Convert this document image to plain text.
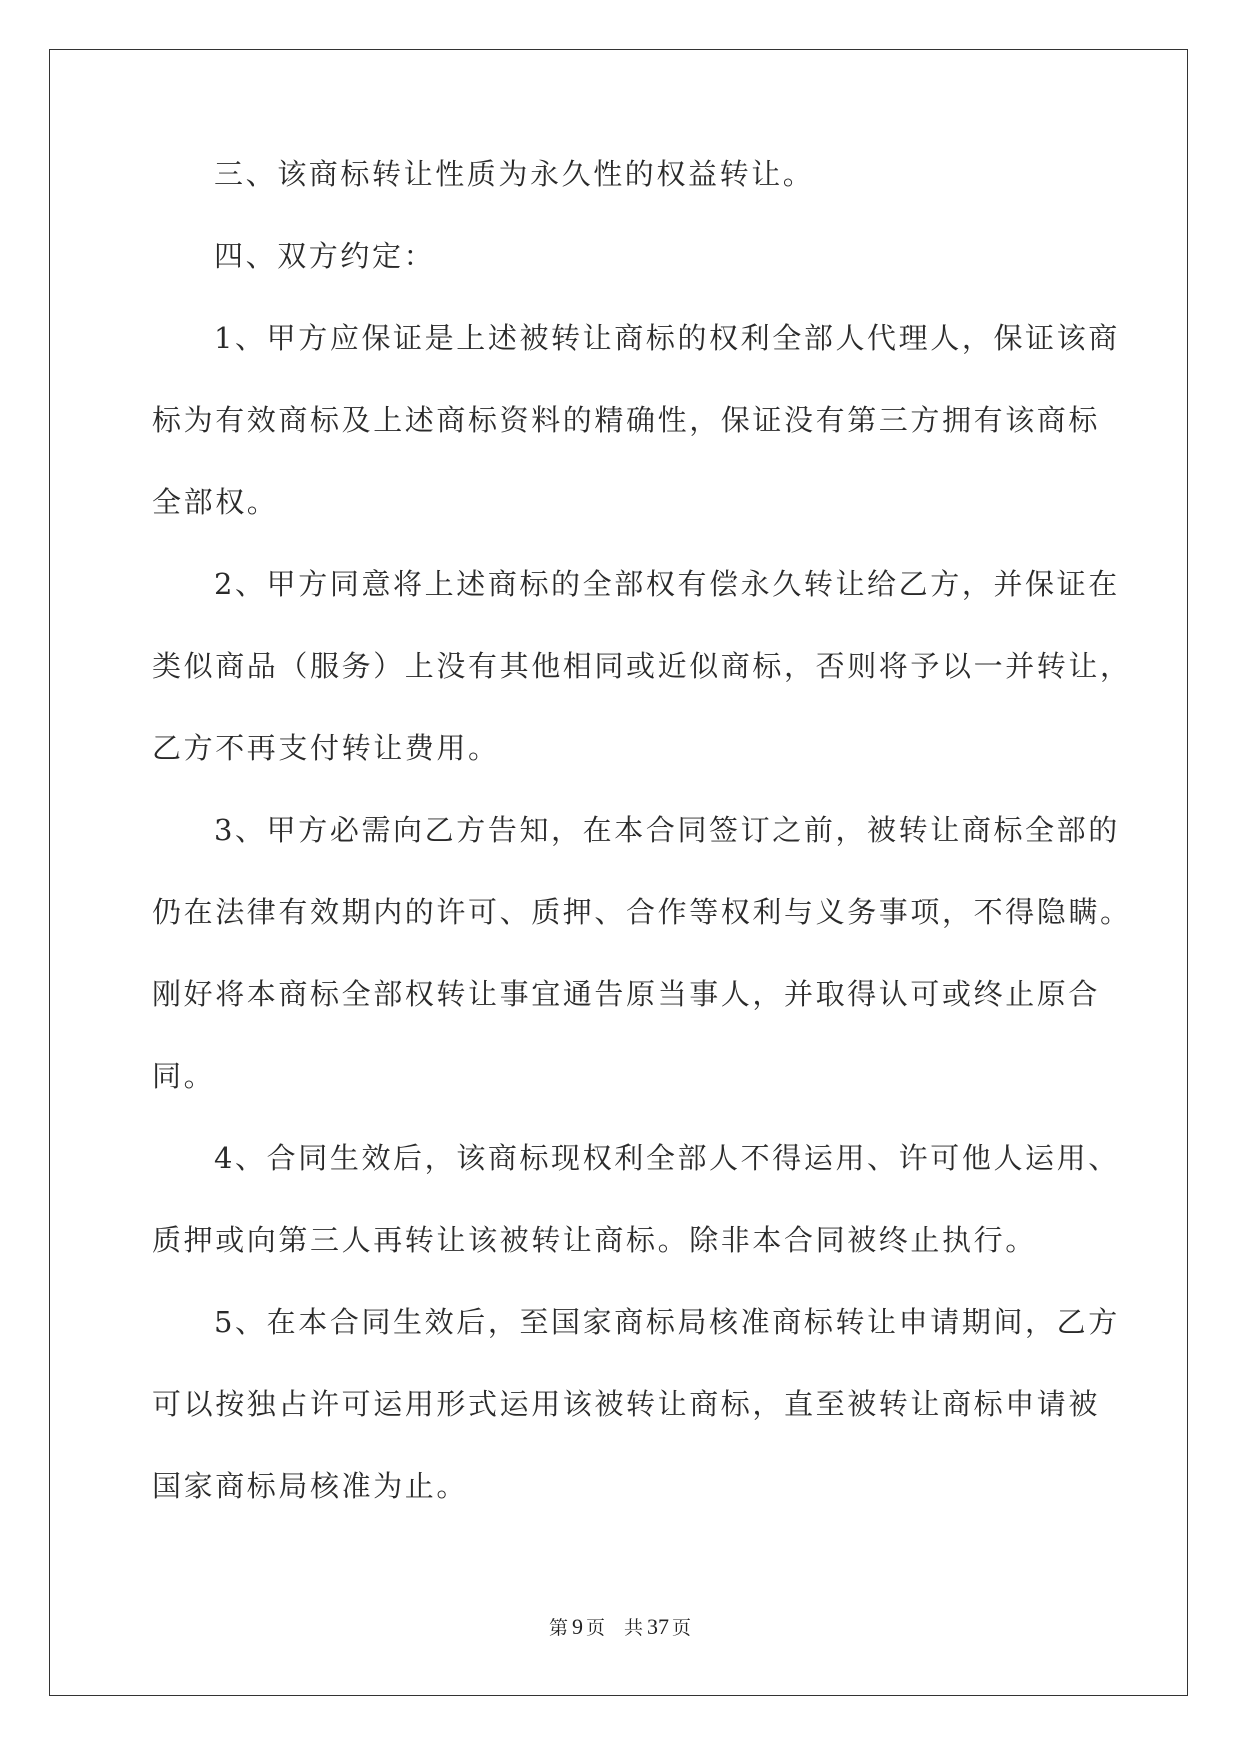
三、该商标转让性质为永久性的权益转让。

四、双方约定：

1、甲方应保证是上述被转让商标的权利全部人代理人，保证该商

标为有效商标及上述商标资料的精确性，保证没有第三方拥有该商标

全部权。

2、甲方同意将上述商标的全部权有偿永久转让给乙方，并保证在

类似商品（服务）上没有其他相同或近似商标，否则将予以一并转让，

乙方不再支付转让费用。

3、甲方必需向乙方告知，在本合同签订之前，被转让商标全部的

仍在法律有效期内的许可、质押、合作等权利与义务事项，不得隐瞒。

刚好将本商标全部权转让事宜通告原当事人，并取得认可或终止原合

同。

4、合同生效后，该商标现权利全部人不得运用、许可他人运用、

质押或向第三人再转让该被转让商标。除非本合同被终止执行。

5、在本合同生效后，至国家商标局核准商标转让申请期间，乙方

可以按独占许可运用形式运用该被转让商标，直至被转让商标申请被

国家商标局核准为止。

第 9 页 共 37 页
